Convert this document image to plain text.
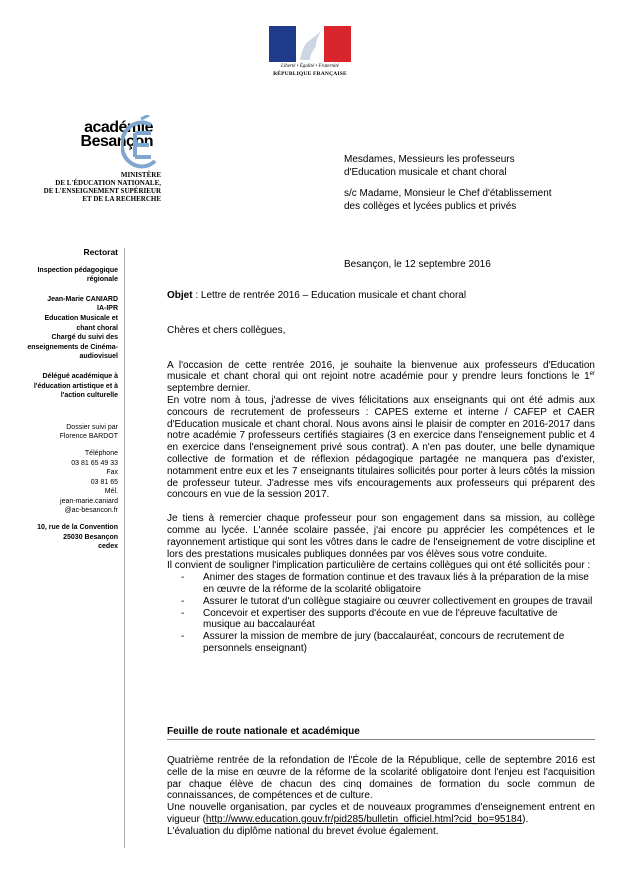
Liberté • Égalité • Fraternité
RÉPUBLIQUE FRANÇAISE
académie
Besançon
MINISTÈRE
DE L'ÉDUCATION NATIONALE,
DE L'ENSEIGNEMENT SUPÉRIEUR
ET DE LA RECHERCHE
Rectorat
Inspection pédagogique régionale
Jean-Marie CANIARD
IA-IPR
Education Musicale et chant choral
Chargé du suivi des enseignements de Cinéma-audiovisuel
Délégué académique à l'éducation artistique et à l'action culturelle
Dossier suivi par
Florence BARDOT
Téléphone
03 81 65 49 33
Fax
03 81 65
Mél.
jean-marie.caniard
@ac-besancon.fr
10, rue de la Convention
25030 Besançon
cedex

Mesdames, Messieurs les professeurs
d'Education musicale et chant choral

s/c Madame, Monsieur le Chef d'établissement
des collèges et lycées publics et privés

Besançon, le 12 septembre 2016

Objet : Lettre de rentrée 2016 – Education musicale et chant choral

Chères et chers collègues,

A l'occasion de cette rentrée 2016, je souhaite la bienvenue aux professeurs d'Education musicale et chant choral qui ont rejoint notre académie pour y prendre leurs fonctions le 1er septembre dernier.

En votre nom à tous, j'adresse de vives félicitations aux enseignants qui ont été admis aux concours de recrutement de professeurs : CAPES externe et interne / CAFEP et CAER d'Education musicale et chant choral. Nous avons ainsi le plaisir de compter en 2016-2017 dans notre académie 7 professeurs certifiés stagiaires (3 en exercice dans l'enseignement public et 4 en exercice dans l'enseignement privé sous contrat). A n'en pas douter, une belle dynamique collective de formation et de réflexion pédagogique partagée ne manquera pas d'exister, notamment entre eux et les 7 enseignants titulaires sollicités pour porter à leurs côtés la mission de professeur tuteur. J'adresse mes vifs encouragements aux professeurs qui préparent des concours en vue de la session 2017.

Je tiens à remercier chaque professeur pour son engagement dans sa mission, au collège comme au lycée. L'année scolaire passée, j'ai encore pu apprécier les compétences et le rayonnement artistique qui sont les vôtres dans le cadre de l'enseignement de votre discipline et lors des prestations musicales publiques données par vos élèves sous votre conduite.

Il convient de souligner l'implication particulière de certains collègues qui ont été sollicités pour :

- Animer des stages de formation continue et des travaux liés à la préparation de la mise en œuvre de la réforme de la scolarité obligatoire
- Assurer le tutorat d'un collègue stagiaire ou œuvrer collectivement en groupes de travail
- Concevoir et expertiser des supports d'écoute en vue de l'épreuve facultative de musique au baccalauréat
- Assurer la mission de membre de jury (baccalauréat, concours de recrutement de personnels enseignant)
Feuille de route nationale et académique

Quatrième rentrée de la refondation de l'École de la République, celle de septembre 2016 est celle de la mise en œuvre de la réforme de la scolarité obligatoire dont l'enjeu est l'acquisition par chaque élève de chacun des cinq domaines de formation du socle commun de connaissances, de compétences et de culture.

Une nouvelle organisation, par cycles et de nouveaux programmes d'enseignement entrent en vigueur (http://www.education.gouv.fr/pid285/bulletin_officiel.html?cid_bo=95184).

L'évaluation du diplôme national du brevet évolue également.
